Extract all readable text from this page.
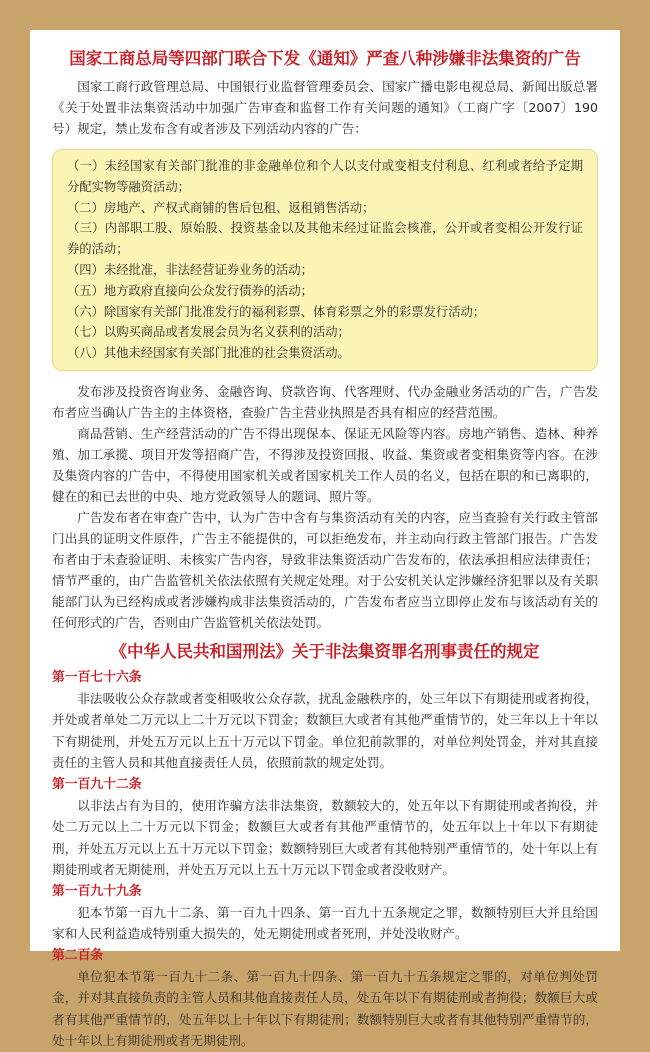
国家工商总局等四部门联合下发《通知》严查八种涉嫌非法集资的广告

国家工商行政管理总局、中国银行业监督管理委员会、国家广播电影电视总局、新闻出版总署《关于处置非法集资活动中加强广告审查和监督工作有关问题的通知》（工商广字〔2007〕190号）规定，禁止发布含有或者涉及下列活动内容的广告：

（一）未经国家有关部门批准的非金融单位和个人以支付或变相支付利息、红利或者给予定期分配实物等融资活动；
（二）房地产、产权式商铺的售后包租、返租销售活动；
（三）内部职工股、原始股、投资基金以及其他未经过证监会核准，公开或者变相公开发行证券的活动；
（四）未经批准，非法经营证券业务的活动；
（五）地方政府直接向公众发行债券的活动；
（六）除国家有关部门批准发行的福利彩票、体育彩票之外的彩票发行活动；
（七）以购买商品或者发展会员为名义获利的活动；
（八）其他未经国家有关部门批准的社会集资活动。

发布涉及投资咨询业务、金融咨询、贷款咨询、代客理财、代办金融业务活动的广告，广告发布者应当确认广告主的主体资格，查验广告主营业执照是否具有相应的经营范围。

商品营销、生产经营活动的广告不得出现保本、保证无风险等内容。房地产销售、造林、种养殖、加工承揽、项目开发等招商广告，不得涉及投资回报、收益、集资或者变相集资等内容。在涉及集资内容的广告中，不得使用国家机关或者国家机关工作人员的名义，包括在职的和已离职的，健在的和已去世的中央、地方党政领导人的题词、照片等。

广告发布者在审查广告中，认为广告中含有与集资活动有关的内容，应当查验有关行政主管部门出具的证明文件原件，广告主不能提供的，可以拒绝发布，并主动向行政主管部门报告。广告发布者由于未查验证明、未核实广告内容，导致非法集资活动广告发布的，依法承担相应法律责任；情节严重的，由广告监管机关依法依照有关规定处理。对于公安机关认定涉嫌经济犯罪以及有关职能部门认为已经构成或者涉嫌构成非法集资活动的，广告发布者应当立即停止发布与该活动有关的任何形式的广告，否则由广告监管机关依法处罚。

《中华人民共和国刑法》关于非法集资罪名刑事责任的规定
第一百七十六条

非法吸收公众存款或者变相吸收公众存款，扰乱金融秩序的，处三年以下有期徒刑或者拘役，并处或者单处二万元以上二十万元以下罚金；数额巨大或者有其他严重情节的，处三年以上十年以下有期徒刑，并处五万元以上五十万元以下罚金。单位犯前款罪的，对单位判处罚金，并对其直接责任的主管人员和其他直接责任人员，依照前款的规定处罚。

第一百九十二条

以非法占有为目的，使用诈骗方法非法集资，数额较大的，处五年以下有期徒刑或者拘役，并处二万元以上二十万元以下罚金；数额巨大或者有其他严重情节的，处五年以上十年以下有期徒刑，并处五万元以上五十万元以下罚金；数额特别巨大或者有其他特别严重情节的，处十年以上有期徒刑或者无期徒刑，并处五万元以上五十万元以下罚金或者没收财产。

第一百九十九条

犯本节第一百九十二条、第一百九十四条、第一百九十五条规定之罪，数额特别巨大并且给国家和人民利益造成特别重大损失的，处无期徒刑或者死刑，并处没收财产。

第二百条

单位犯本节第一百九十二条、第一百九十四条、第一百九十五条规定之罪的，对单位判处罚金，并对其直接负责的主管人员和其他直接责任人员，处五年以下有期徒刑或者拘役；数额巨大或者有其他严重情节的，处五年以上十年以下有期徒刑；数额特别巨大或者有其他特别严重情节的，处十年以上有期徒刑或者无期徒刑。
